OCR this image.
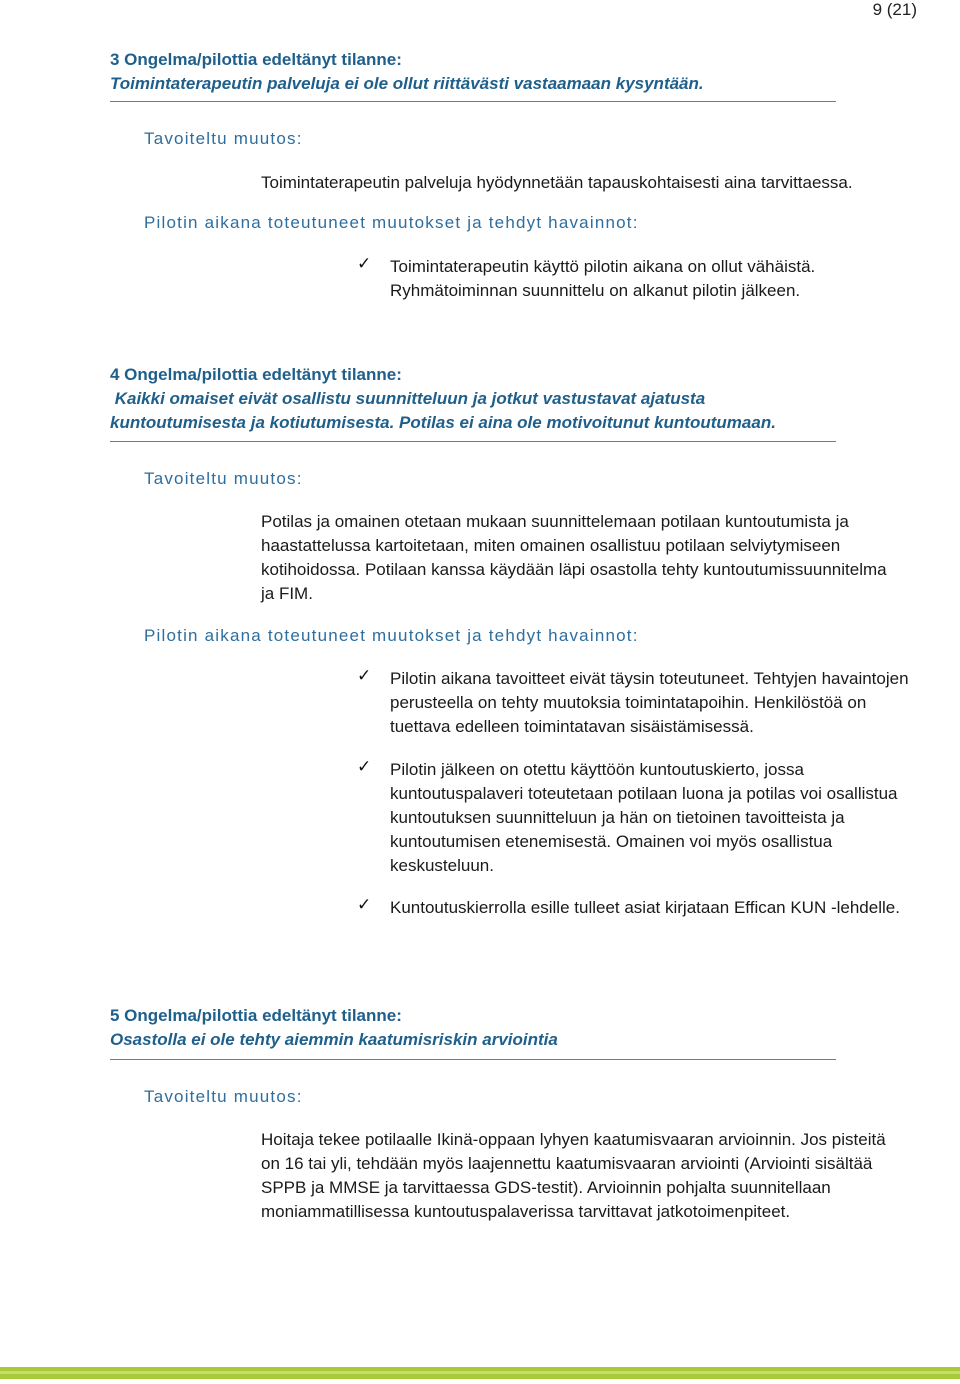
9 (21)
3 Ongelma/pilottia edeltänyt tilanne:
Toimintaterapeutin palveluja ei ole ollut riittävästi vastaamaan kysyntään.
Tavoiteltu muutos:
Toimintaterapeutin palveluja hyödynnetään tapauskohtaisesti aina tarvittaessa.
Pilotin aikana toteutuneet muutokset ja tehdyt havainnot:
✓ Toimintaterapeutin käyttö pilotin aikana on ollut vähäistä. Ryhmätoiminnan suunnittelu on alkanut pilotin jälkeen.
4 Ongelma/pilottia edeltänyt tilanne:
Kaikki omaiset eivät osallistu suunnitteluun ja jotkut vastustavat ajatusta
kuntoutumisesta ja kotiutumisesta. Potilas ei aina ole motivoitunut kuntoutumaan.
Tavoiteltu muutos:
Potilas ja omainen otetaan mukaan suunnittelemaan potilaan kuntoutumista ja haastattelussa kartoitetaan, miten omainen osallistuu potilaan selviytymiseen kotihoidossa. Potilaan kanssa käydään läpi osastolla tehty kuntoutumissuunnitelma ja FIM.
Pilotin aikana toteutuneet muutokset ja tehdyt havainnot:
✓ Pilotin aikana tavoitteet eivät täysin toteutuneet. Tehtyjen havaintojen perusteella on tehty muutoksia toimintatapoihin. Henkilöstöä on tuettava edelleen toimintatavan sisäistämisessä.
✓ Pilotin jälkeen on otettu käyttöön kuntoutuskierto, jossa kuntoutuspalaveri toteutetaan potilaan luona ja potilas voi osallistua kuntoutuksen suunnitteluun ja hän on tietoinen tavoitteista ja kuntoutumisen etenemisestä. Omainen voi myös osallistua keskusteluun.
✓ Kuntoutuskierrolla esille tulleet asiat kirjataan Effican KUN -lehdelle.
5 Ongelma/pilottia edeltänyt tilanne:
Osastolla ei ole tehty aiemmin kaatumisriskin arviointia
Tavoiteltu muutos:
Hoitaja tekee potilaalle Ikinä-oppaan lyhyen kaatumisvaaran arvioinnin. Jos pisteitä on 16 tai yli, tehdään myös laajennettu kaatumisvaaran arviointi (Arviointi sisältää SPPB ja MMSE ja tarvittaessa GDS-testit). Arvioinnin pohjalta suunnitellaan moniammatillisessa kuntoutuspalaverissa tarvittavat jatkotoimenpiteet.
